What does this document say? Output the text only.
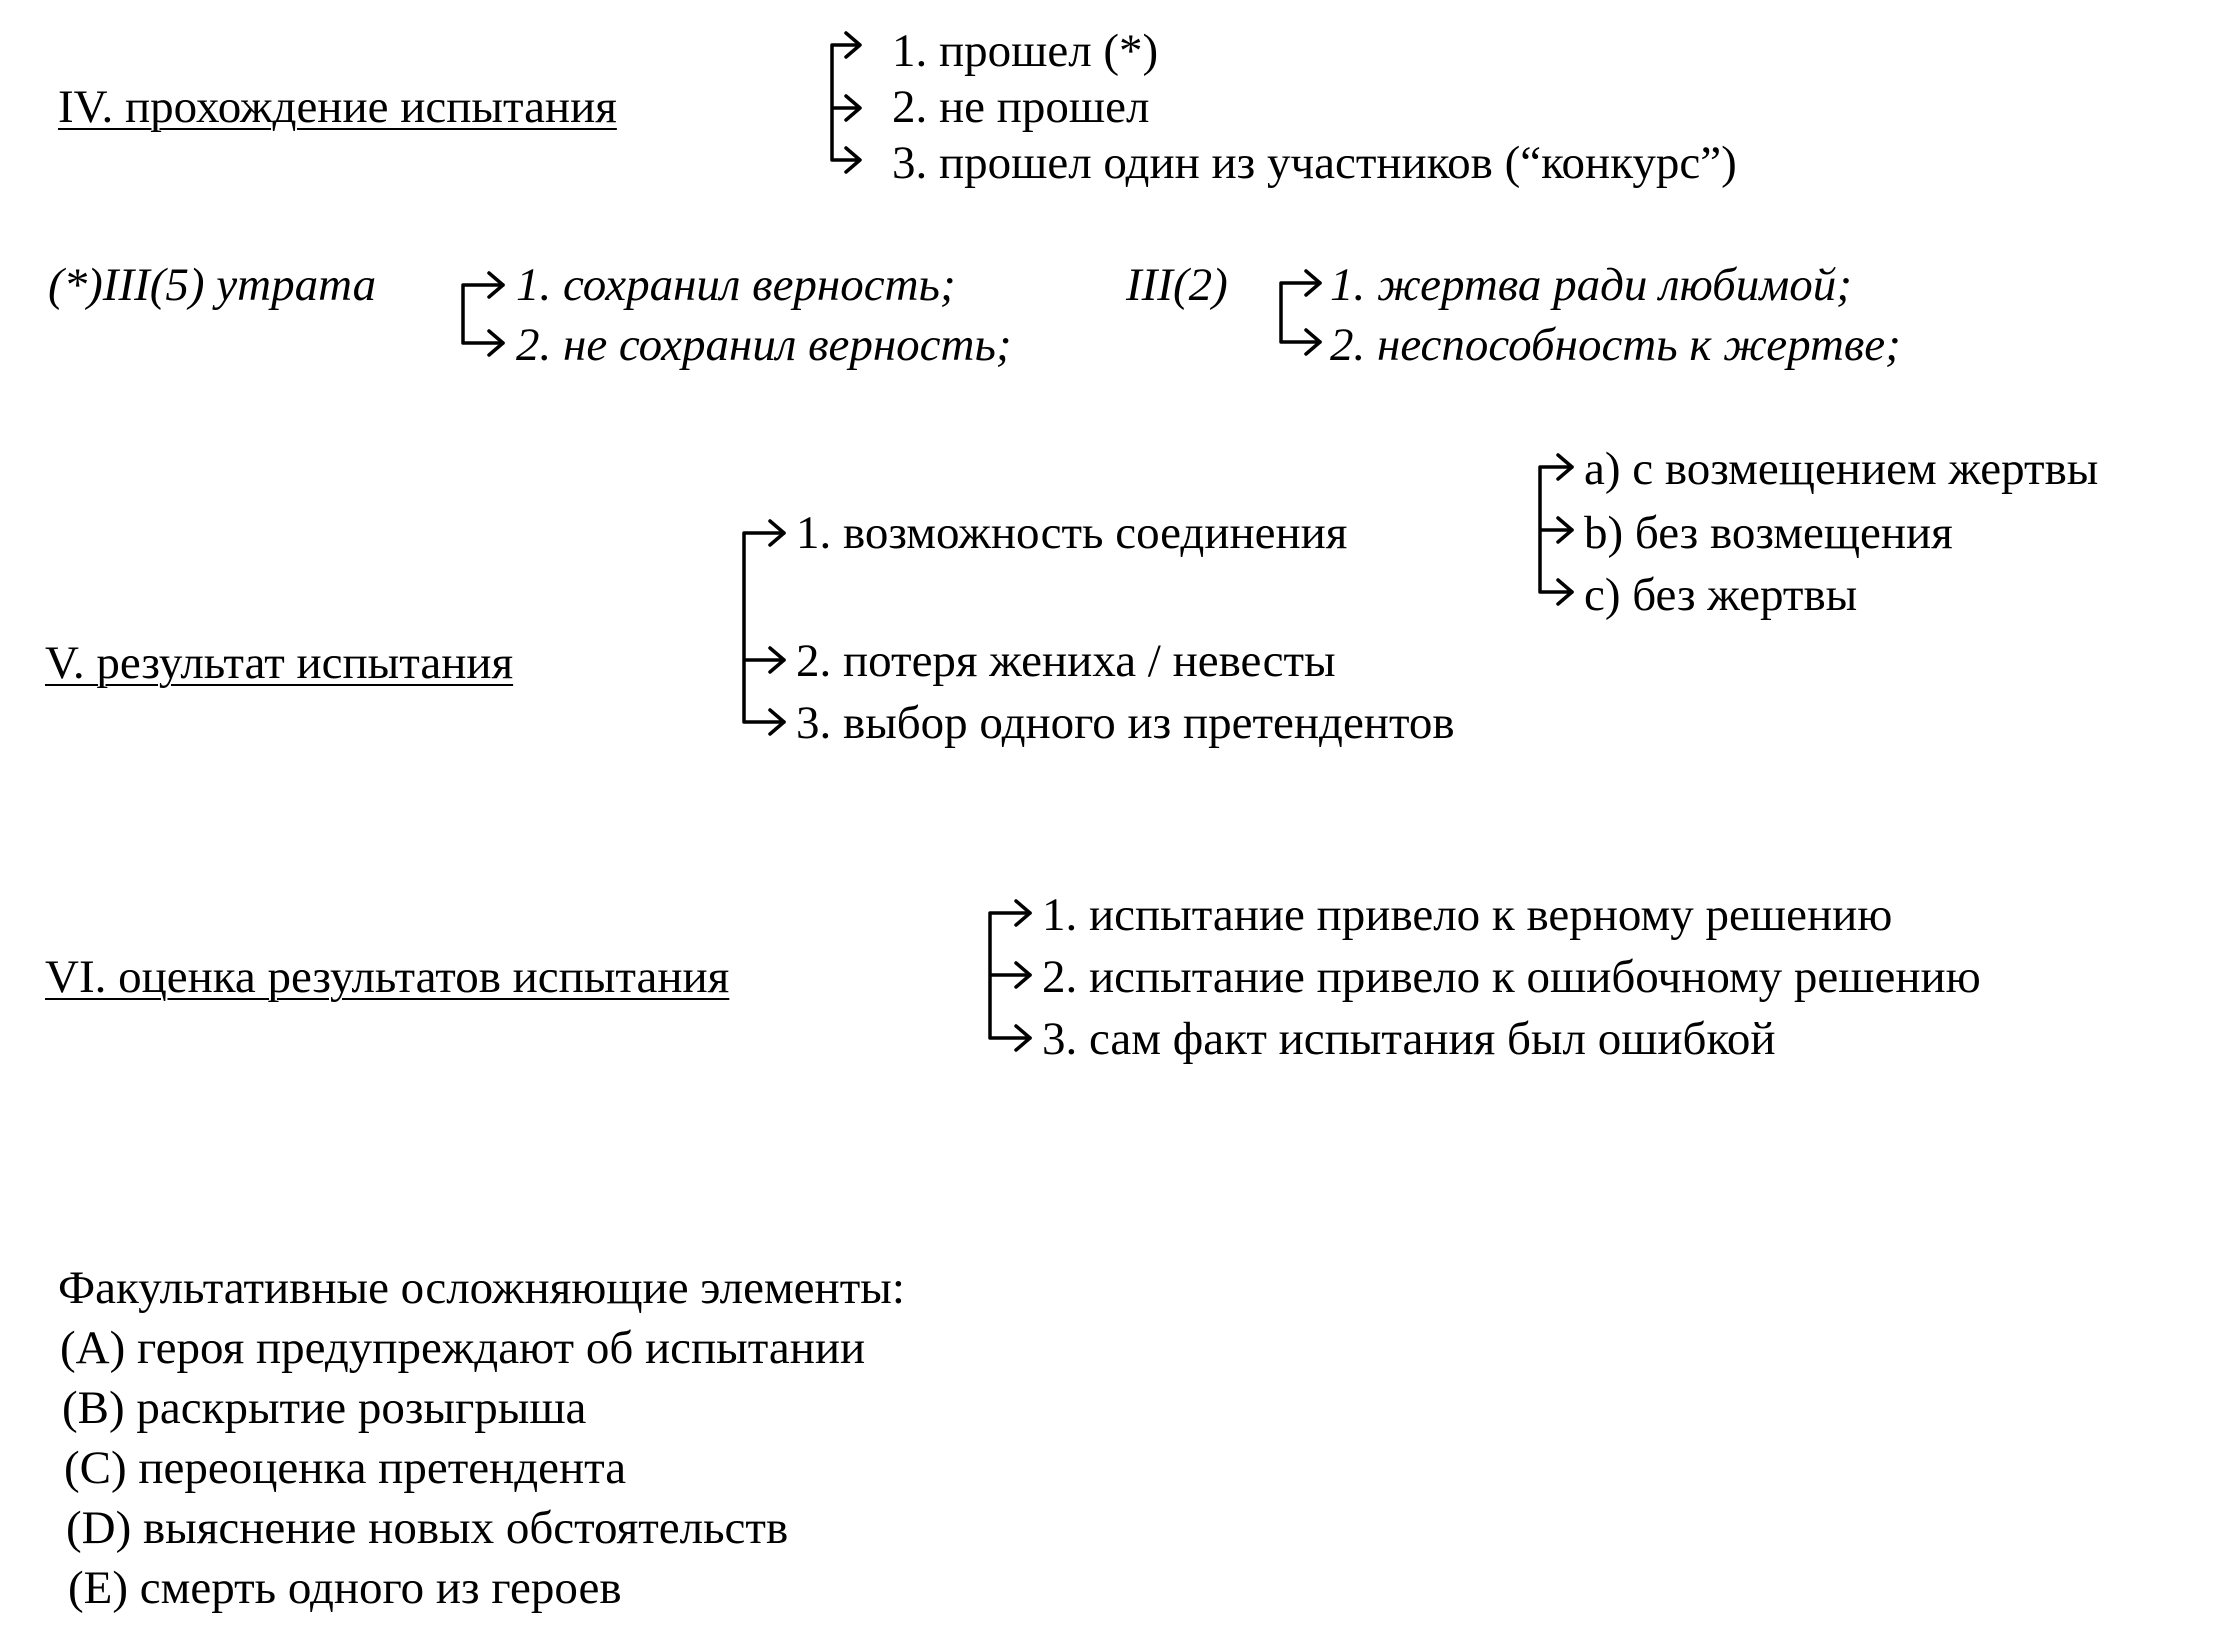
IV. прохождение испытания
1. прошел (*)
2. не прошел
3. прошел один из участников (“конкурс”)
(*)III(5) утрата	1. сохранил верность;
2. не сохранил верность;
III(2) 1. жертва ради любимой;
2. неспособность к жертве;
V. результат испытания
1. возможность соединения
2. потеря жениха / невесты
3. выбор одного из претендентов
a) с возмещением жертвы
b) без возмещения
c) без жертвы
VI. оценка результатов испытания
1. испытание привело к верному решению
2. испытание привело к ошибочному решению
3. сам факт испытания был ошибкой
Факультативные осложняющие элементы:
(A) героя предупреждают об испытании
(B) раскрытие розыгрыша
(C) переоценка претендента
(D) выяснение новых обстоятельств
(E) смерть одного из героев
